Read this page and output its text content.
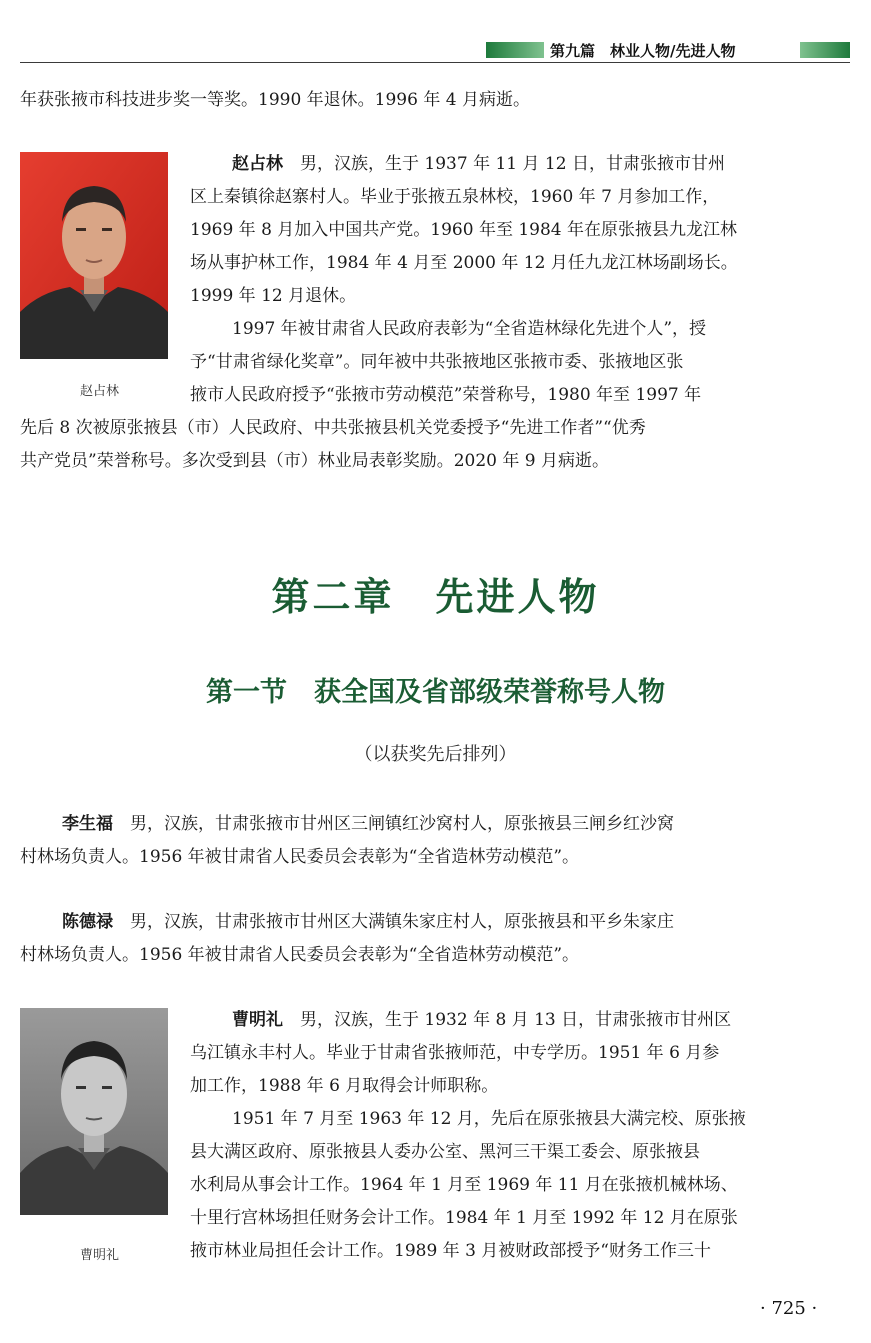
第九篇　林业人物/先进人物
年获张掖市科技进步奖一等奖。1990 年退休。1996 年 4 月病逝。
赵占林
赵占林　男，汉族，生于 1937 年 11 月 12 日，甘肃张掖市甘州
区上秦镇徐赵寨村人。毕业于张掖五泉林校，1960 年 7 月参加工作，
1969 年 8 月加入中国共产党。1960 年至 1984 年在原张掖县九龙江林
场从事护林工作，1984 年 4 月至 2000 年 12 月任九龙江林场副场长。
1999 年 12 月退休。
1997 年被甘肃省人民政府表彰为“全省造林绿化先进个人”，授
予“甘肃省绿化奖章”。同年被中共张掖地区张掖市委、张掖地区张
掖市人民政府授予“张掖市劳动模范”荣誉称号，1980 年至 1997 年
先后 8 次被原张掖县（市）人民政府、中共张掖县机关党委授予“先进工作者”“优秀
共产党员”荣誉称号。多次受到县（市）林业局表彰奖励。2020 年 9 月病逝。
第二章　先进人物
第一节　获全国及省部级荣誉称号人物
（以获奖先后排列）
李生福　男，汉族，甘肃张掖市甘州区三闸镇红沙窝村人，原张掖县三闸乡红沙窝
村林场负责人。1956 年被甘肃省人民委员会表彰为“全省造林劳动模范”。
陈德禄　男，汉族，甘肃张掖市甘州区大满镇朱家庄村人，原张掖县和平乡朱家庄
村林场负责人。1956 年被甘肃省人民委员会表彰为“全省造林劳动模范”。
曹明礼
曹明礼　男，汉族，生于 1932 年 8 月 13 日，甘肃张掖市甘州区
乌江镇永丰村人。毕业于甘肃省张掖师范，中专学历。1951 年 6 月参
加工作，1988 年 6 月取得会计师职称。
1951 年 7 月至 1963 年 12 月，先后在原张掖县大满完校、原张掖
县大满区政府、原张掖县人委办公室、黑河三干渠工委会、原张掖县
水利局从事会计工作。1964 年 1 月至 1969 年 11 月在张掖机械林场、
十里行宫林场担任财务会计工作。1984 年 1 月至 1992 年 12 月在原张
掖市林业局担任会计工作。1989 年 3 月被财政部授予“财务工作三十
· 725 ·
